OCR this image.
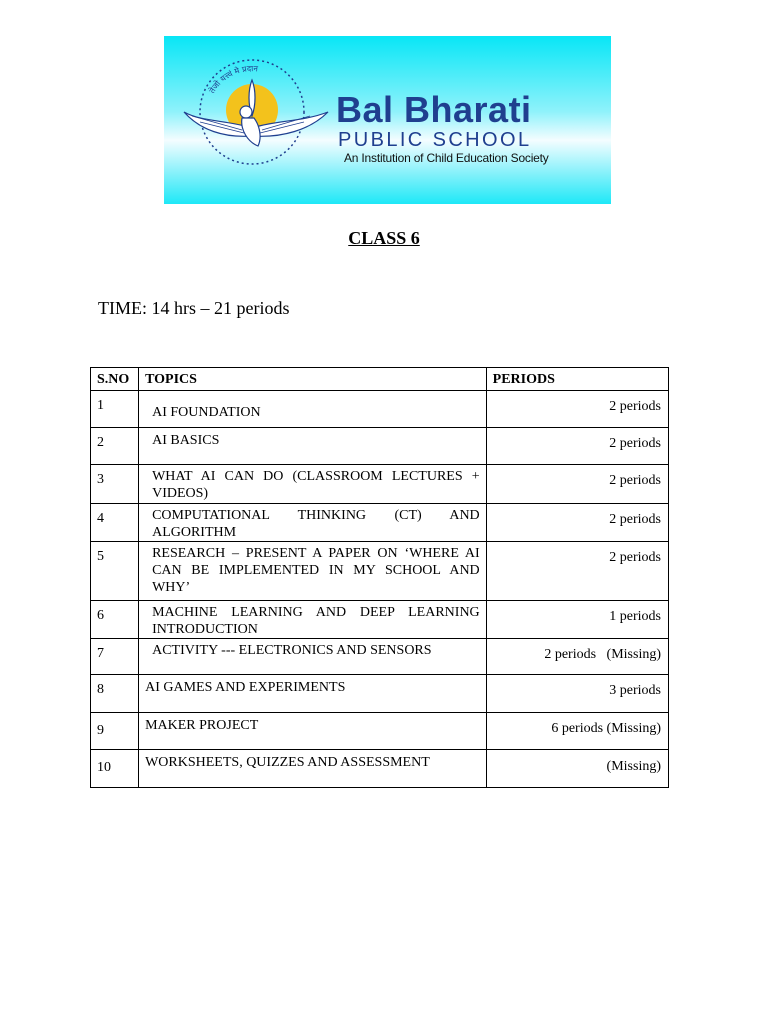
तेजो यत्त्वं मे प्रदान
Bal Bharati
PUBLIC SCHOOL
An Institution of Child Education Society
CLASS 6
TIME: 14 hrs – 21 periods
S.NO	TOPICS	PERIODS
1	AI FOUNDATION	2 periods
2	AI BASICS	2 periods
3	WHAT AI CAN DO (CLASSROOM LECTURES + VIDEOS)	2 periods
4	COMPUTATIONAL THINKING (CT) AND ALGORITHM	2 periods
5	RESEARCH – PRESENT A PAPER ON ‘WHERE AI CAN BE IMPLEMENTED IN MY SCHOOL AND WHY’	2 periods
6	MACHINE LEARNING AND DEEP LEARNING INTRODUCTION	1 periods
7	ACTIVITY --- ELECTRONICS AND SENSORS	2 periods   (Missing)
8	AI GAMES AND EXPERIMENTS	3 periods
9	MAKER PROJECT	6 periods (Missing)
10	WORKSHEETS, QUIZZES AND ASSESSMENT	(Missing)
